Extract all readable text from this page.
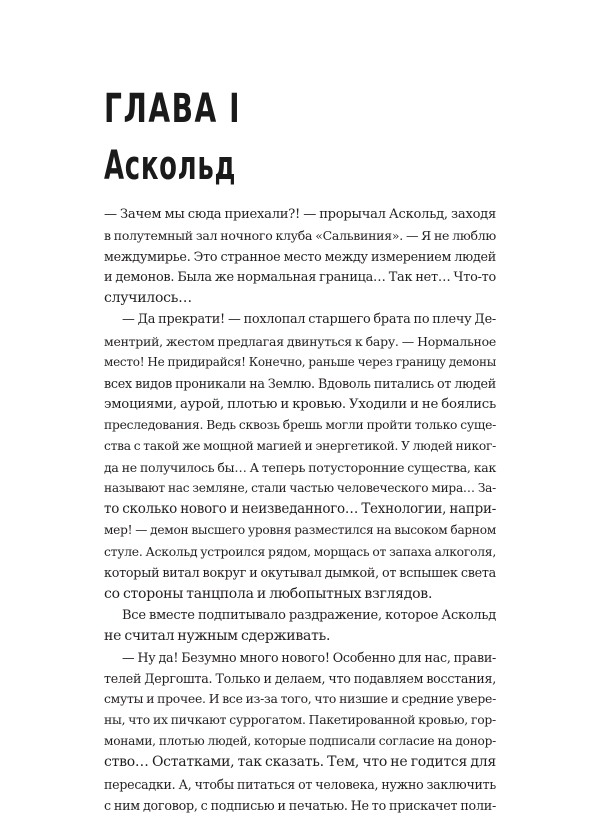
ГЛАВА I
Аскольд
— Зачем мы сюда приехали?! — прорычал Аскольд, заходя
в полутемный зал ночного клуба «Сальвиния». — Я не люблю
междумирье. Это странное место между измерением людей
и демонов. Была же нормальная граница… Так нет… Что-то
случилось…
— Да прекрати! — похлопал старшего брата по плечу Де-
ментрий, жестом предлагая двинуться к бару. — Нормальное
место! Не придирайся! Конечно, раньше через границу демоны
всех видов проникали на Землю. Вдоволь питались от людей
эмоциями, аурой, плотью и кровью. Уходили и не боялись
преследования. Ведь сквозь брешь могли пройти только суще-
ства с такой же мощной магией и энергетикой. У людей никог-
да не получилось бы… А теперь потусторонние существа, как
называют нас земляне, стали частью человеческого мира… За-
то сколько нового и неизведанного… Технологии, напри-
мер! — демон высшего уровня разместился на высоком барном
стуле. Аскольд устроился рядом, морщась от запаха алкоголя,
который витал вокруг и окутывал дымкой, от вспышек света
со стороны танцпола и любопытных взглядов.
Все вместе подпитывало раздражение, которое Аскольд
не считал нужным сдерживать.
— Ну да! Безумно много нового! Особенно для нас, прави-
телей Дергошта. Только и делаем, что подавляем восстания,
смуты и прочее. И все из-за того, что низшие и средние увере-
ны, что их пичкают суррогатом. Пакетированной кровью, гор-
монами, плотью людей, которые подписали согласие на донор-
ство… Остатками, так сказать. Тем, что не годится для
пересадки. А, чтобы питаться от человека, нужно заключить
с ним договор, с подписью и печатью. Не то прискачет поли-
